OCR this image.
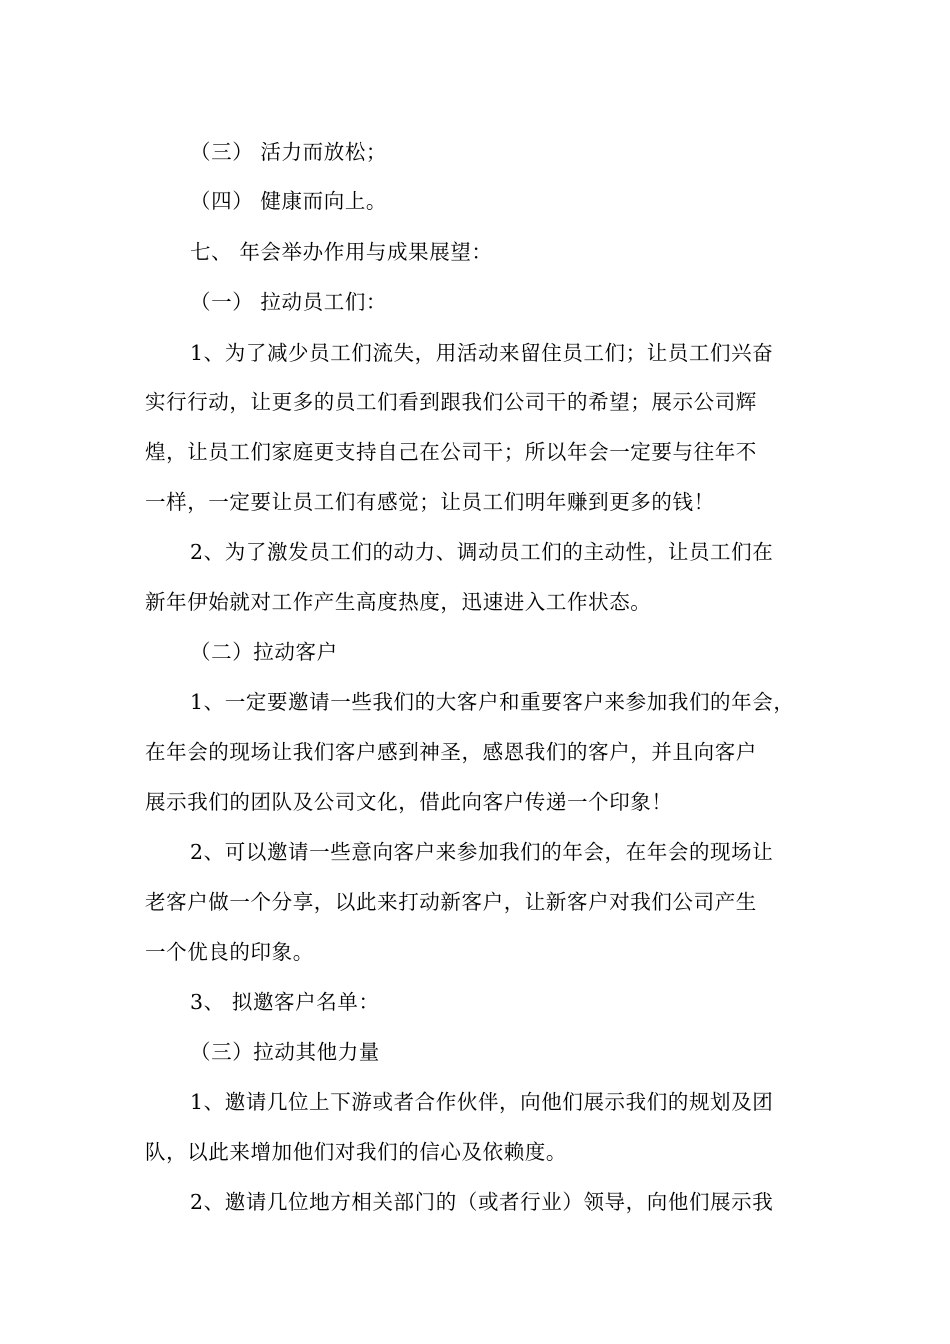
（三） 活力而放松；
（四） 健康而向上。
七、 年会举办作用与成果展望：
（一） 拉动员工们：
1、为了减少员工们流失，用活动来留住员工们；让员工们兴奋
实行行动，让更多的员工们看到跟我们公司干的希望；展示公司辉
煌，让员工们家庭更支持自己在公司干；所以年会一定要与往年不
一样，一定要让员工们有感觉；让员工们明年赚到更多的钱！
2、为了激发员工们的动力、调动员工们的主动性，让员工们在
新年伊始就对工作产生高度热度，迅速进入工作状态。
（二）拉动客户
1、一定要邀请一些我们的大客户和重要客户来参加我们的年会，
在年会的现场让我们客户感到神圣，感恩我们的客户，并且向客户
展示我们的团队及公司文化，借此向客户传递一个印象！
2、可以邀请一些意向客户来参加我们的年会，在年会的现场让
老客户做一个分享，以此来打动新客户，让新客户对我们公司产生
一个优良的印象。
3、 拟邀客户名单：
（三）拉动其他力量
1、邀请几位上下游或者合作伙伴，向他们展示我们的规划及团
队，以此来增加他们对我们的信心及依赖度。
2、邀请几位地方相关部门的（或者行业）领导，向他们展示我
